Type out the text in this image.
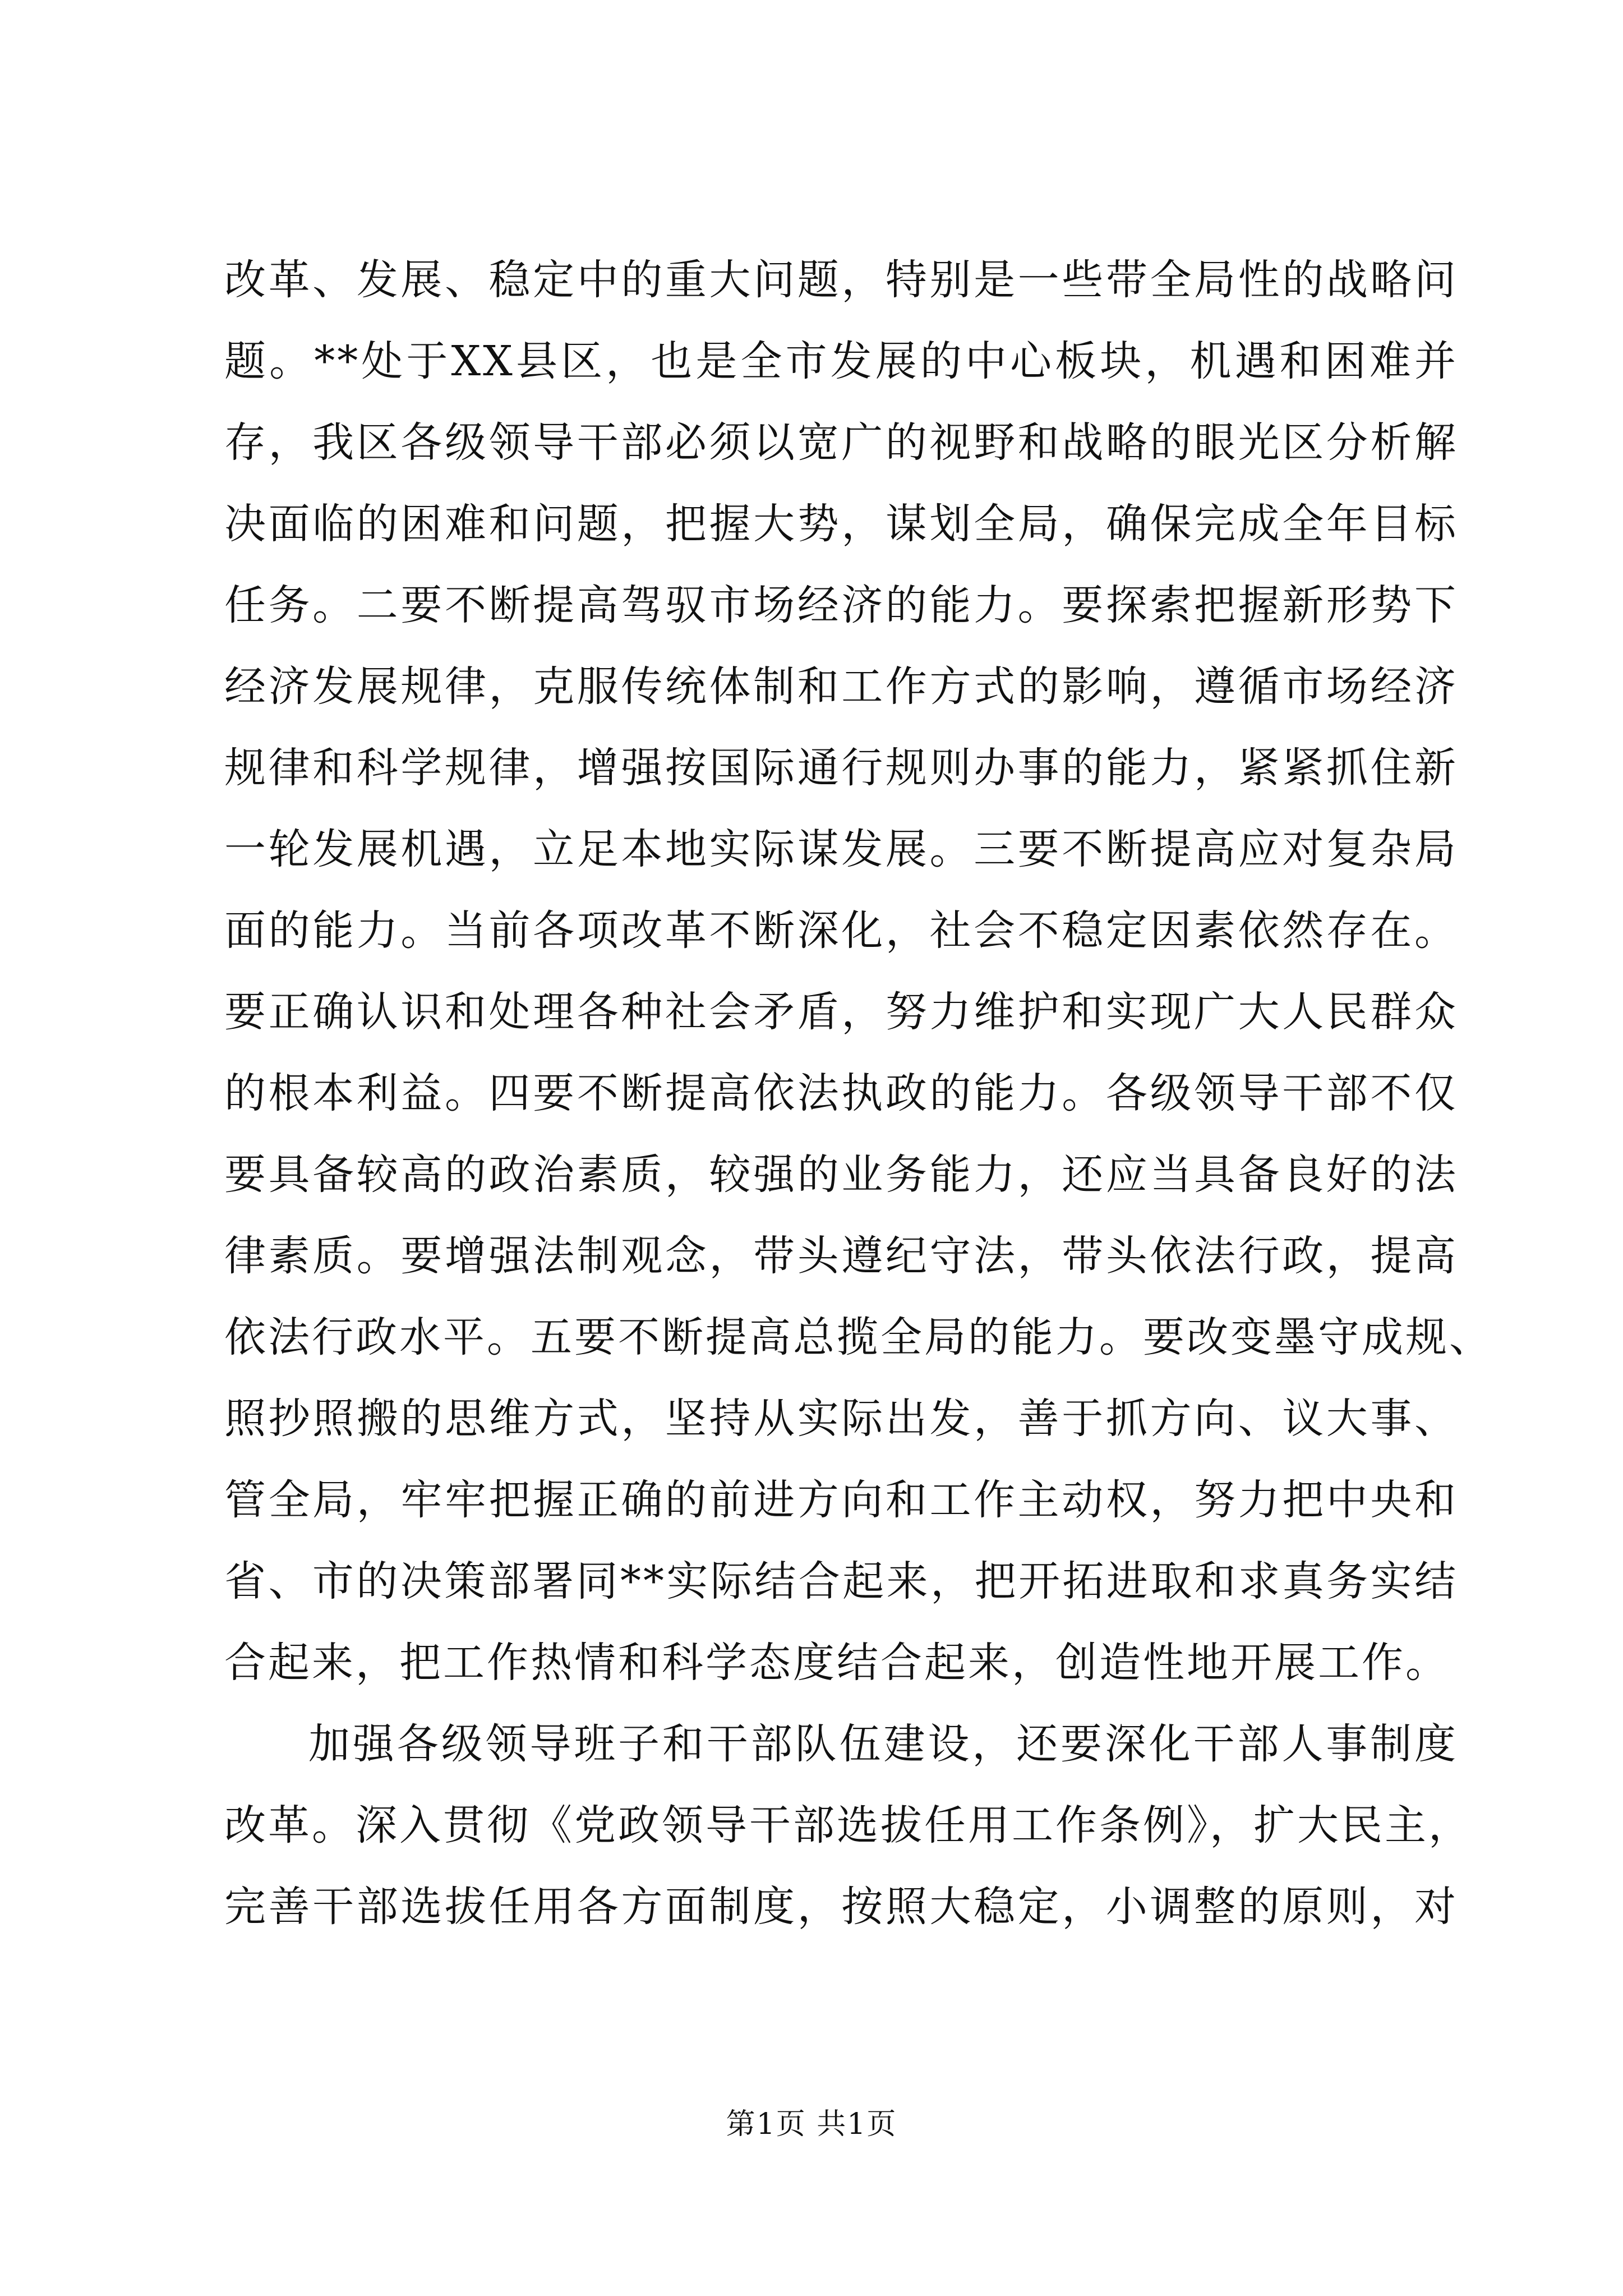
改革、发展、稳定中的重大问题，特别是一些带全局性的战略问
题。**处于XX县区，也是全市发展的中心板块，机遇和困难并
存，我区各级领导干部必须以宽广的视野和战略的眼光区分析解
决面临的困难和问题，把握大势，谋划全局，确保完成全年目标
任务。二要不断提高驾驭市场经济的能力。要探索把握新形势下
经济发展规律，克服传统体制和工作方式的影响，遵循市场经济
规律和科学规律，增强按国际通行规则办事的能力，紧紧抓住新
一轮发展机遇，立足本地实际谋发展。三要不断提高应对复杂局
面的能力。当前各项改革不断深化，社会不稳定因素依然存在。
要正确认识和处理各种社会矛盾，努力维护和实现广大人民群众
的根本利益。四要不断提高依法执政的能力。各级领导干部不仅
要具备较高的政治素质，较强的业务能力，还应当具备良好的法
律素质。要增强法制观念，带头遵纪守法，带头依法行政，提高
依法行政水平。五要不断提高总揽全局的能力。要改变墨守成规、
照抄照搬的思维方式，坚持从实际出发，善于抓方向、议大事、
管全局，牢牢把握正确的前进方向和工作主动权，努力把中央和
省、市的决策部署同**实际结合起来，把开拓进取和求真务实结
合起来，把工作热情和科学态度结合起来，创造性地开展工作。
加强各级领导班子和干部队伍建设，还要深化干部人事制度
改革。深入贯彻《党政领导干部选拔任用工作条例》，扩大民主，
完善干部选拔任用各方面制度，按照大稳定，小调整的原则，对
第1页 共1页
